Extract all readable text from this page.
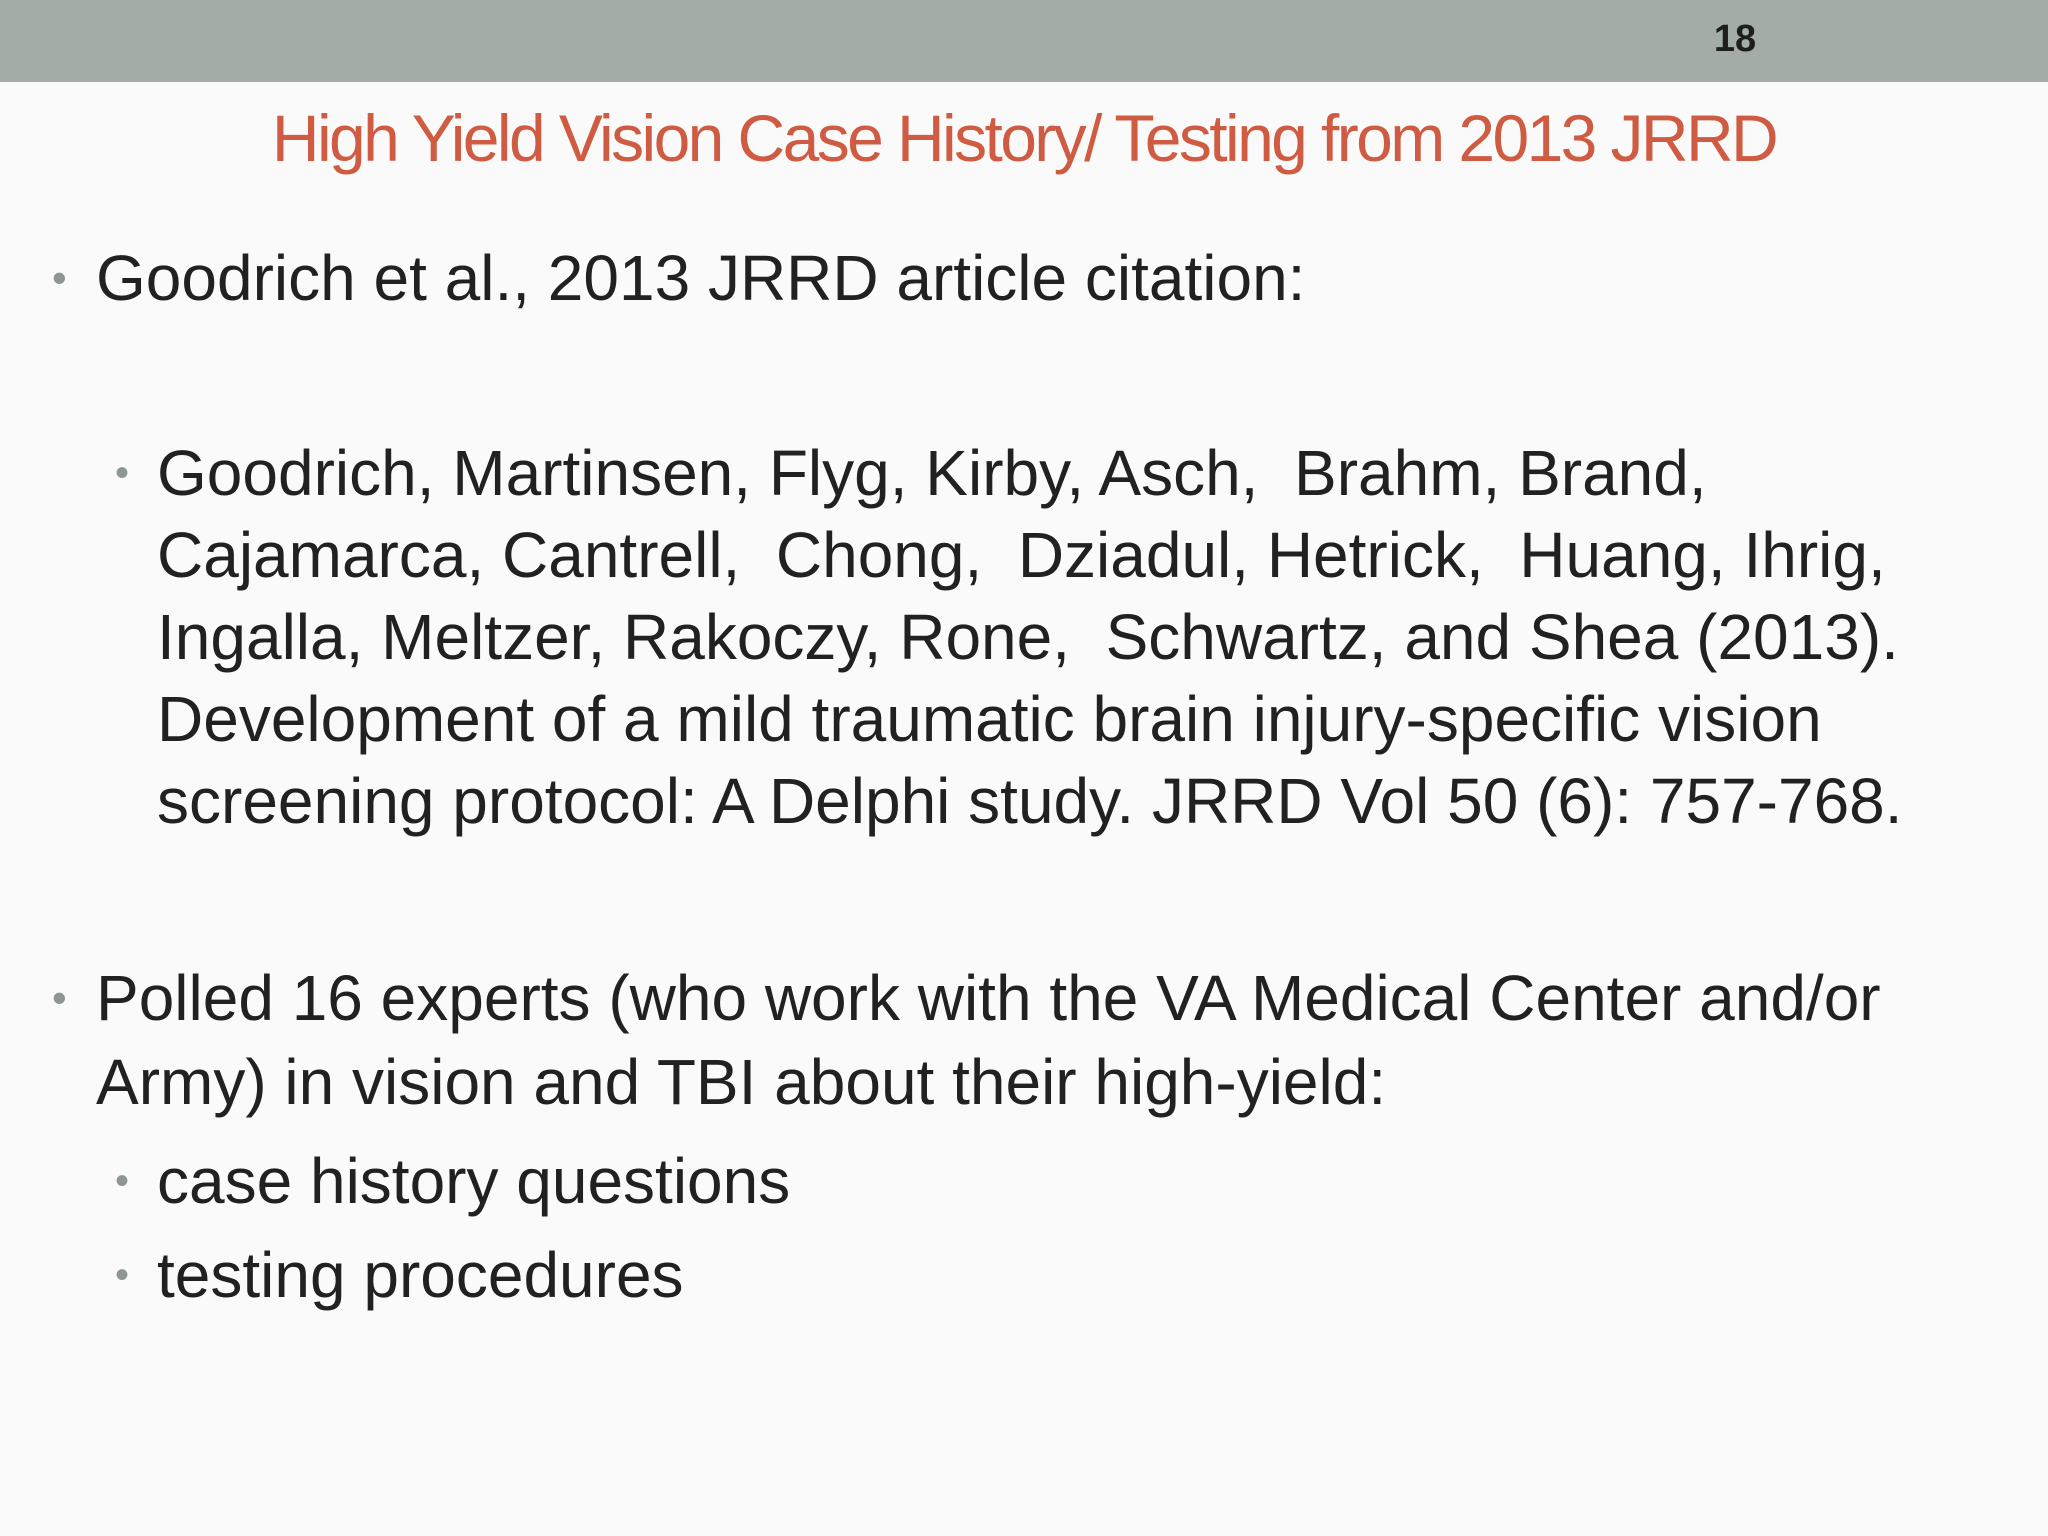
18
High Yield Vision Case History/ Testing from 2013 JRRD
• Goodrich et al., 2013 JRRD article citation:
• Goodrich, Martinsen, Flyg, Kirby, Asch,  Brahm, Brand,
Cajamarca, Cantrell,  Chong,  Dziadul, Hetrick,  Huang, Ihrig,
Ingalla, Meltzer, Rakoczy, Rone,  Schwartz, and Shea (2013).
Development of a mild traumatic brain injury-specific vision
screening protocol: A Delphi study. JRRD Vol 50 (6): 757-768.
• Polled 16 experts (who work with the VA Medical Center and/or
Army) in vision and TBI about their high-yield:
• case history questions
• testing procedures
